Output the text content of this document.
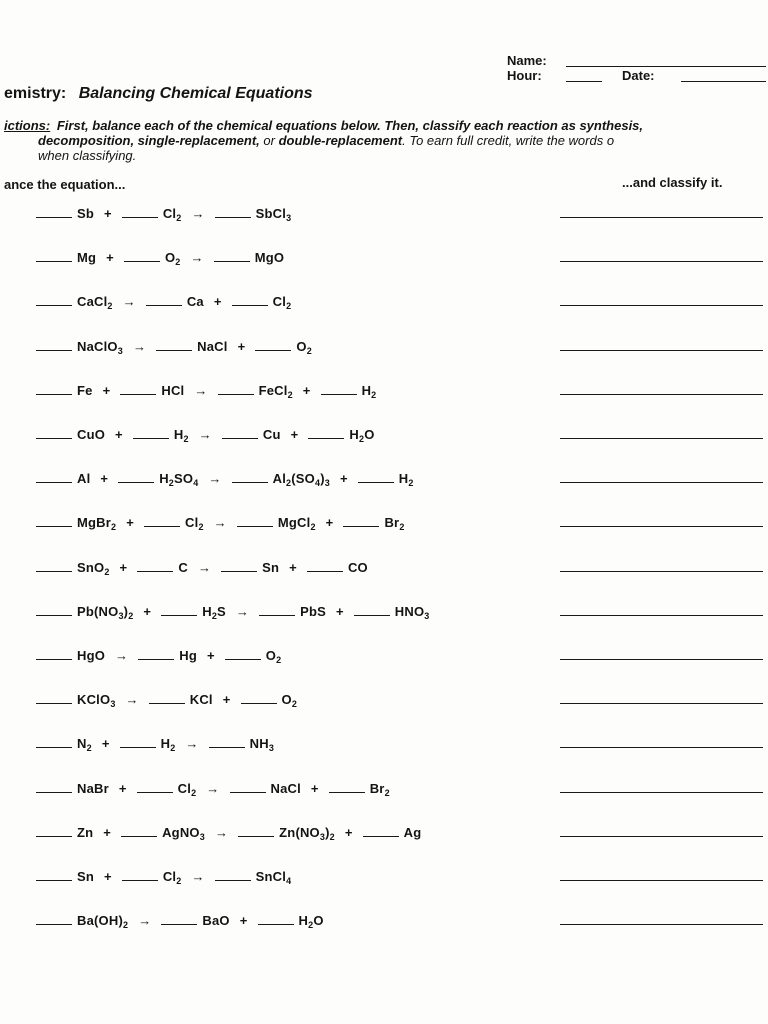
Name:
Hour:	Date:
emistry: Balancing Chemical Equations
ictions: First, balance each of the chemical equations below. Then, classify each reaction as synthesis,
decomposition, single-replacement, or double-replacement. To earn full credit, write the words o
when classifying.
ance the equation...	...and classify it.
Sb +	$Cl_2$ →	SbCl$_3$
Mg +	$O_2$ →	MgO
CaCl$_2$ →	Ca +	$Cl_2$
NaClO$_3$ →	NaCl +	$O_2$
Fe +	HCl →	FeCl$_2$ +	$H_2$
CuO +	$H_2$ →	Cu +	$H_2O$
Al +	$H_2SO_4$ →	$Al_2(SO_4)_3$ +	$H_2$
MgBr$_2$ +	$Cl_2$ →	MgCl$_2$ +	$Br_2$
SnO$_2$ +	C →	Sn +	CO
$Pb(NO_3)_2$ +	$H_2S$ →	PbS +	$HNO_3$
HgO →	Hg +	$O_2$
KClO$_3$ →	KCl +	$O_2$
$N_2$ +	$H_2$ →	$NH_3$
NaBr +	$Cl_2$ →	NaCl +	$Br_2$
Zn +	AgNO$_3$ →	$Zn(NO_3)_2$ +	Ag
Sn +	$Cl_2$ →	SnCl$_4$
$Ba(OH)_2$ →	BaO +	$H_2O$
